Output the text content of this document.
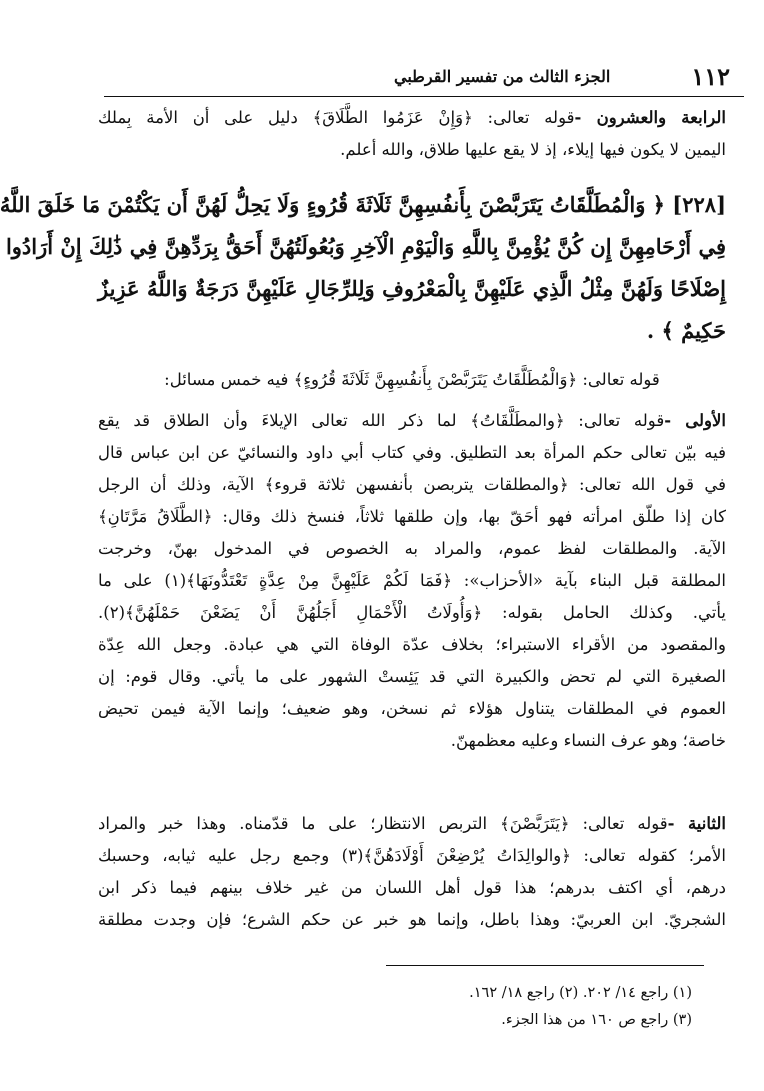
١١٢
الجزء الثالث من تفسير القرطبي
الرابعة والعشرون -قوله تعالى: ﴿وَإِنْ عَزَمُوا الطَّلَاقَ﴾ دليل على أن الأمة بِملك
اليمين لا يكون فيها إيلاء، إذ لا يقع عليها طلاق، والله أعلم.
[٢٢٨] ﴿ وَالْمُطَلَّقَاتُ يَتَرَبَّصْنَ بِأَنفُسِهِنَّ ثَلَاثَةَ قُرُوءٍ وَلَا يَحِلُّ لَهُنَّ أَن يَكْتُمْنَ مَا خَلَقَ اللَّهُ
فِي أَرْحَامِهِنَّ إِن كُنَّ يُؤْمِنَّ بِاللَّهِ وَالْيَوْمِ الْآخِرِ وَبُعُولَتُهُنَّ أَحَقُّ بِرَدِّهِنَّ فِي ذَٰلِكَ إِنْ أَرَادُوا
إِصْلَاحًا وَلَهُنَّ مِثْلُ الَّذِي عَلَيْهِنَّ بِالْمَعْرُوفِ وَلِلرِّجَالِ عَلَيْهِنَّ دَرَجَةٌ وَاللَّهُ عَزِيزٌ
حَكِيمٌ ﴾ .
قوله تعالى: ﴿وَالْمُطَلَّقَاتُ يَتَرَبَّصْنَ بِأَنفُسِهِنَّ ثَلَاثَةَ قُرُوءٍ﴾ فيه خمس مسائل:
الأولى -قوله تعالى: ﴿والمطَلَّقَاتُ﴾ لما ذكر الله تعالى الإيلاءَ وأن الطلاق قد يقع
فيه بيّن تعالى حكم المرأة بعد التطليق. وفي كتاب أبي داود والنسائيّ عن ابن عباس قال
في قول الله تعالى: ﴿والمطلقات يتربصن بأنفسهن ثلاثة قروء﴾ الآية، وذلك أن الرجل
كان إذا طلّق امرأته فهو أحَقّ بها، وإن طلقها ثلاثاً، فنسخ ذلك وقال: ﴿الطَّلَاقُ مَرَّتَانِ﴾
الآية. والمطلقات لفظ عموم، والمراد به الخصوص في المدخول بهنّ، وخرجت
المطلقة قبل البناء بآية «الأحزاب»: ﴿فَمَا لَكُمْ عَلَيْهِنَّ مِنْ عِدَّةٍ تَعْتَدُّونَهَا﴾(١) على ما
يأتي. وكذلك الحامل بقوله: ﴿وَأُولَاتُ الْأَحْمَالِ أَجَلُهُنَّ أَنْ يَضَعْنَ حَمْلَهُنَّ﴾(٢).
والمقصود من الأقراء الاستبراء؛ بخلاف عدّة الوفاة التي هي عبادة. وجعل الله عِدّة
الصغيرة التي لم تحض والكبيرة التي قد يَئِستْ الشهور على ما يأتي. وقال قوم: إن
العموم في المطلقات يتناول هؤلاء ثم نسخن، وهو ضعيف؛ وإنما الآية فيمن تحيض
خاصة؛ وهو عرف النساء وعليه معظمهنّ.
الثانية -قوله تعالى: ﴿يَتَرَبَّصْنَ﴾ التربص الانتظار؛ على ما قدّمناه. وهذا خبر والمراد
الأمر؛ كقوله تعالى: ﴿والوالِدَاتُ يُرْضِعْنَ أَوْلَادَهُنَّ﴾(٣) وجمع رجل عليه ثيابه، وحسبك
درهم، أي اكتف بدرهم؛ هذا قول أهل اللسان من غير خلاف بينهم فيما ذكر ابن
الشجريّ. ابن العربيّ: وهذا باطل، وإنما هو خبر عن حكم الشرع؛ فإن وجدت مطلقة
(١) راجع ١٤/ ٢٠٢. (٢) راجع ١٨/ ١٦٢.
(٣) راجع ص ١٦٠ من هذا الجزء.
